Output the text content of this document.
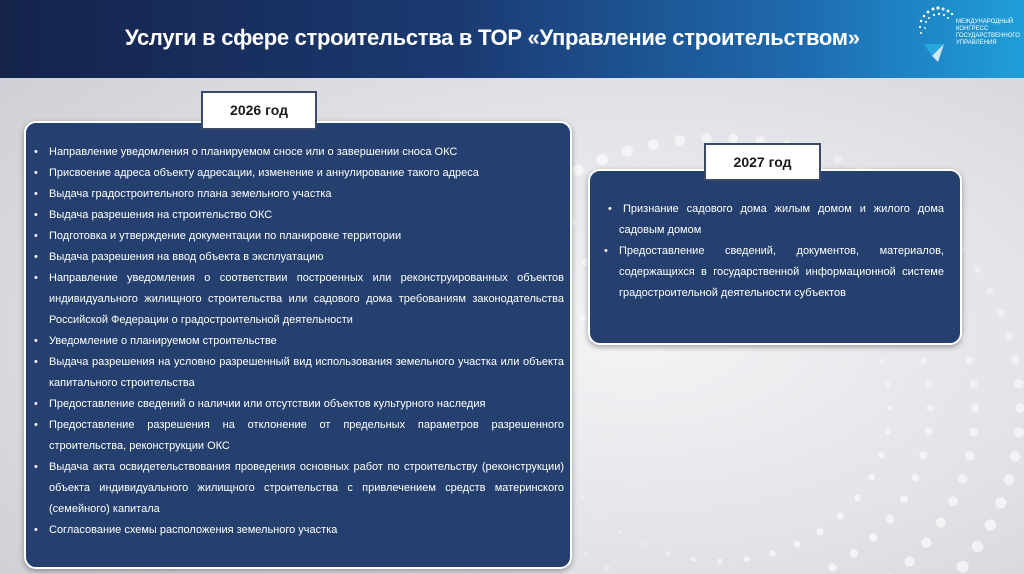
Услуги в сфере строительства в ТОР «Управление строительством»
МЕЖДУНАРОДНЫЙ КОНГРЕСС ГОСУДАРСТВЕННОГО УПРАВЛЕНИЯ
2026 год
• Направление уведомления о планируемом сносе или о завершении сноса ОКС
• Присвоение адреса объекту адресации, изменение и аннулирование такого адреса
• Выдача градостроительного плана земельного участка
• Выдача разрешения на строительство ОКС
• Подготовка и утверждение документации по планировке территории
• Выдача разрешения на ввод объекта в эксплуатацию
• Направление уведомления о соответствии построенных или реконструированных объектов индивидуального жилищного строительства или садового дома требованиям законодательства Российской Федерации о градостроительной деятельности
• Уведомление о планируемом строительстве
• Выдача разрешения на условно разрешенный вид использования земельного участка или объекта капитального строительства
• Предоставление сведений о наличии или отсутствии объектов культурного наследия
• Предоставление разрешения на отклонение от предельных параметров разрешенного строительства, реконструкции ОКС
• Выдача акта освидетельствования проведения основных работ по строительству (реконструкции) объекта индивидуального жилищного строительства с привлечением средств материнского (семейного) капитала
• Согласование схемы расположения земельного участка
2027 год
• Признание садового дома жилым домом и жилого дома садовым домом
• Предоставление сведений, документов, материалов, содержащихся в государственной информационной системе градостроительной деятельности субъектов
